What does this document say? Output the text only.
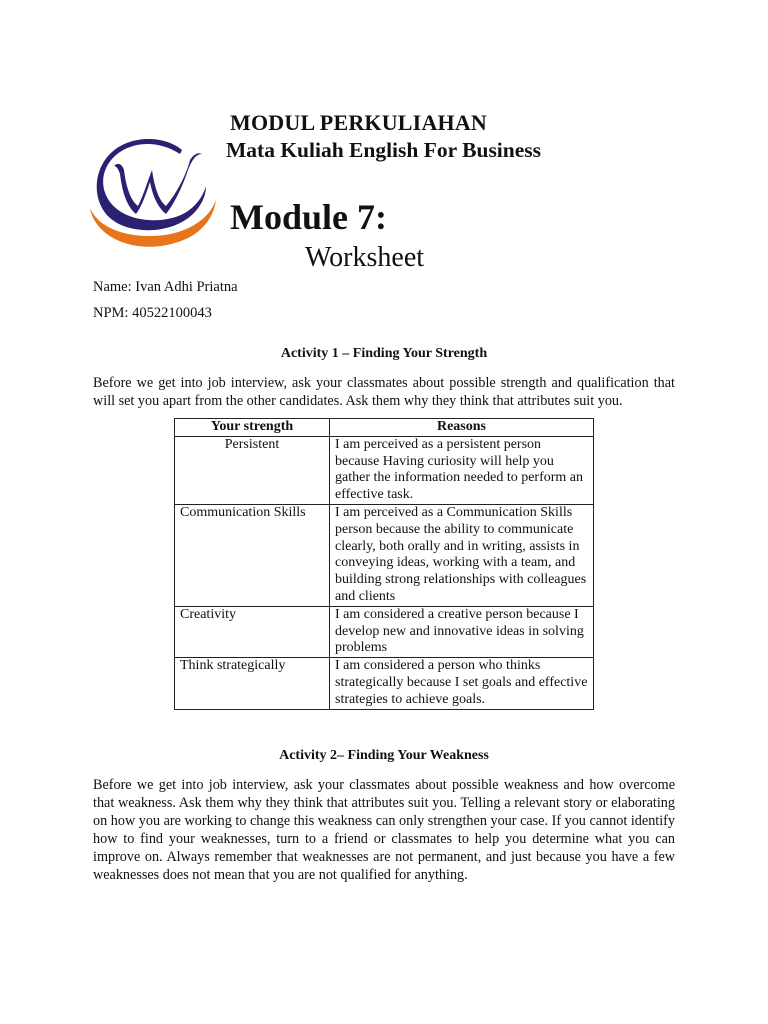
MODUL PERKULIAHAN
Mata Kuliah English For Business
Module 7:
Worksheet
Name: Ivan Adhi Priatna
NPM: 40522100043
Activity 1 – Finding Your Strength
Before we get into job interview, ask your classmates about possible strength and qualification that will set you apart from the other candidates. Ask them why they think that attributes suit you.
Your strength	Reasons
Persistent	I am perceived as a persistent person because Having curiosity will help you gather the information needed to perform an effective task.
Communication Skills	I am perceived as a Communication Skills person because the ability to communicate clearly, both orally and in writing, assists in conveying ideas, working with a team, and building strong relationships with colleagues and clients
Creativity	I am considered a creative person because I develop new and innovative ideas in solving problems
Think strategically	I am considered a person who thinks strategically because I set goals and effective strategies to achieve goals.
Activity 2– Finding Your Weakness
Before we get into job interview, ask your classmates about possible weakness and how overcome that weakness. Ask them why they think that attributes suit you. Telling a relevant story or elaborating on how you are working to change this weakness can only strengthen your case. If you cannot identify how to find your weaknesses, turn to a friend or classmates to help you determine what you can improve on. Always remember that weaknesses are not permanent, and just because you have a few weaknesses does not mean that you are not qualified for anything.
